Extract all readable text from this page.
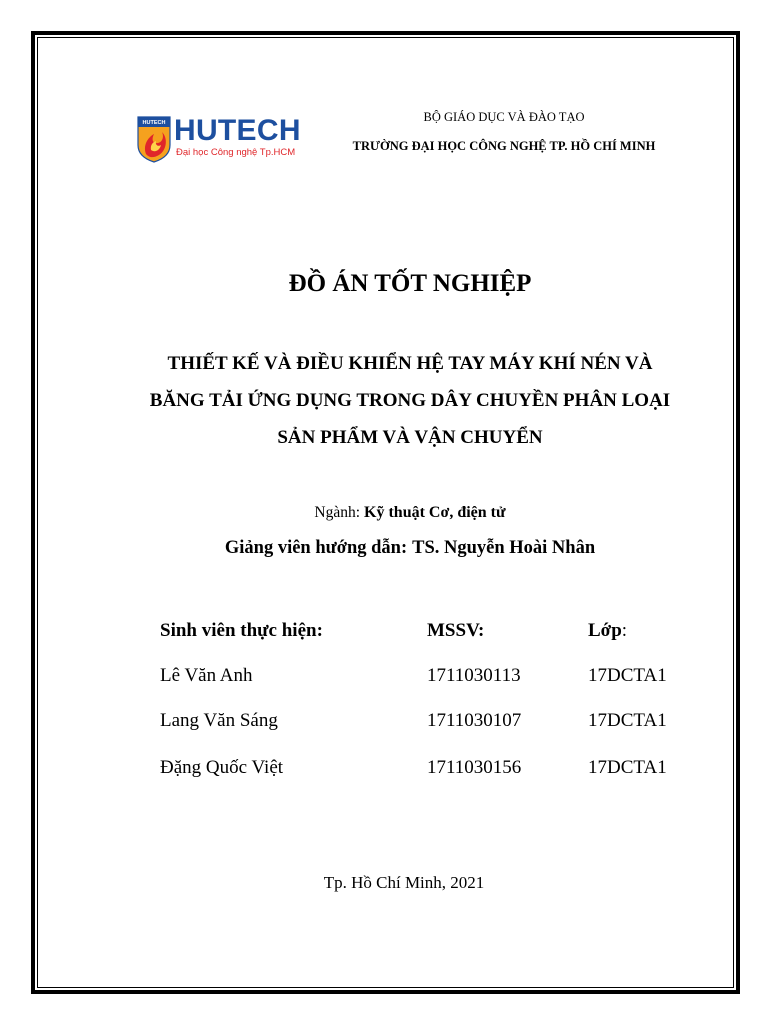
HUTECH HUTECH
Đại học Công nghệ Tp.HCM
BỘ GIÁO DỤC VÀ ĐÀO TẠO
TRƯỜNG ĐẠI HỌC CÔNG NGHỆ TP. HỒ CHÍ MINH
ĐỒ ÁN TỐT NGHIỆP
THIẾT KẾ VÀ ĐIỀU KHIỂN HỆ TAY MÁY KHÍ NÉN VÀ
BĂNG TẢI ỨNG DỤNG TRONG DÂY CHUYỀN PHÂN LOẠI
SẢN PHẨM VÀ VẬN CHUYỂN
Ngành: Kỹ thuật Cơ, điện tử
Giảng viên hướng dẫn: TS. Nguyễn Hoài Nhân
Sinh viên thực hiện:	MSSV:	Lớp:
Lê Văn Anh	1711030113	17DCTA1
Lang Văn Sáng	1711030107	17DCTA1
Đặng Quốc Việt	1711030156	17DCTA1
Tp. Hồ Chí Minh, 2021
